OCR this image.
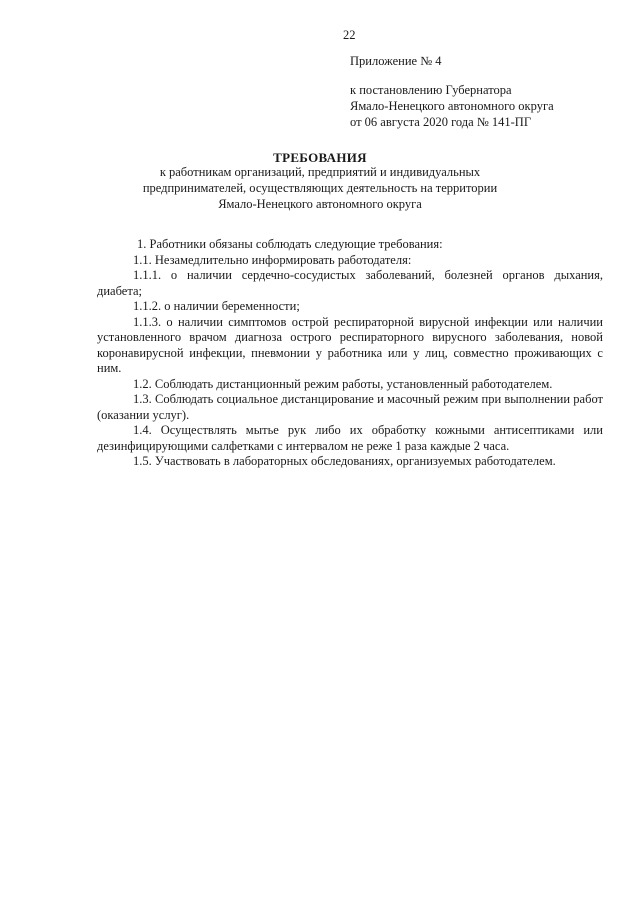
22
Приложение № 4
к постановлению Губернатора
Ямало-Ненецкого автономного округа
от 06 августа 2020 года № 141-ПГ
ТРЕБОВАНИЯ
к работникам организаций, предприятий и индивидуальных
предпринимателей, осуществляющих деятельность на территории
Ямало-Ненецкого автономного округа

1. Работники обязаны соблюдать следующие требования:

1.1. Незамедлительно информировать работодателя:

1.1.1. о наличии сердечно-сосудистых заболеваний, болезней органов дыхания, диабета;

1.1.2. о наличии беременности;

1.1.3. о наличии симптомов острой респираторной вирусной инфекции или наличии установленного врачом диагноза острого респираторного вирусного заболевания, новой коронавирусной инфекции, пневмонии у работника или у лиц, совместно проживающих с ним.

1.2. Соблюдать дистанционный режим работы, установленный работодателем.

1.3. Соблюдать социальное дистанцирование и масочный режим при выполнении работ (оказании услуг).

1.4. Осуществлять мытье рук либо их обработку кожными антисептиками или дезинфицирующими салфетками с интервалом не реже 1 раза каждые 2 часа.

1.5. Участвовать в лабораторных обследованиях, организуемых работодателем.
